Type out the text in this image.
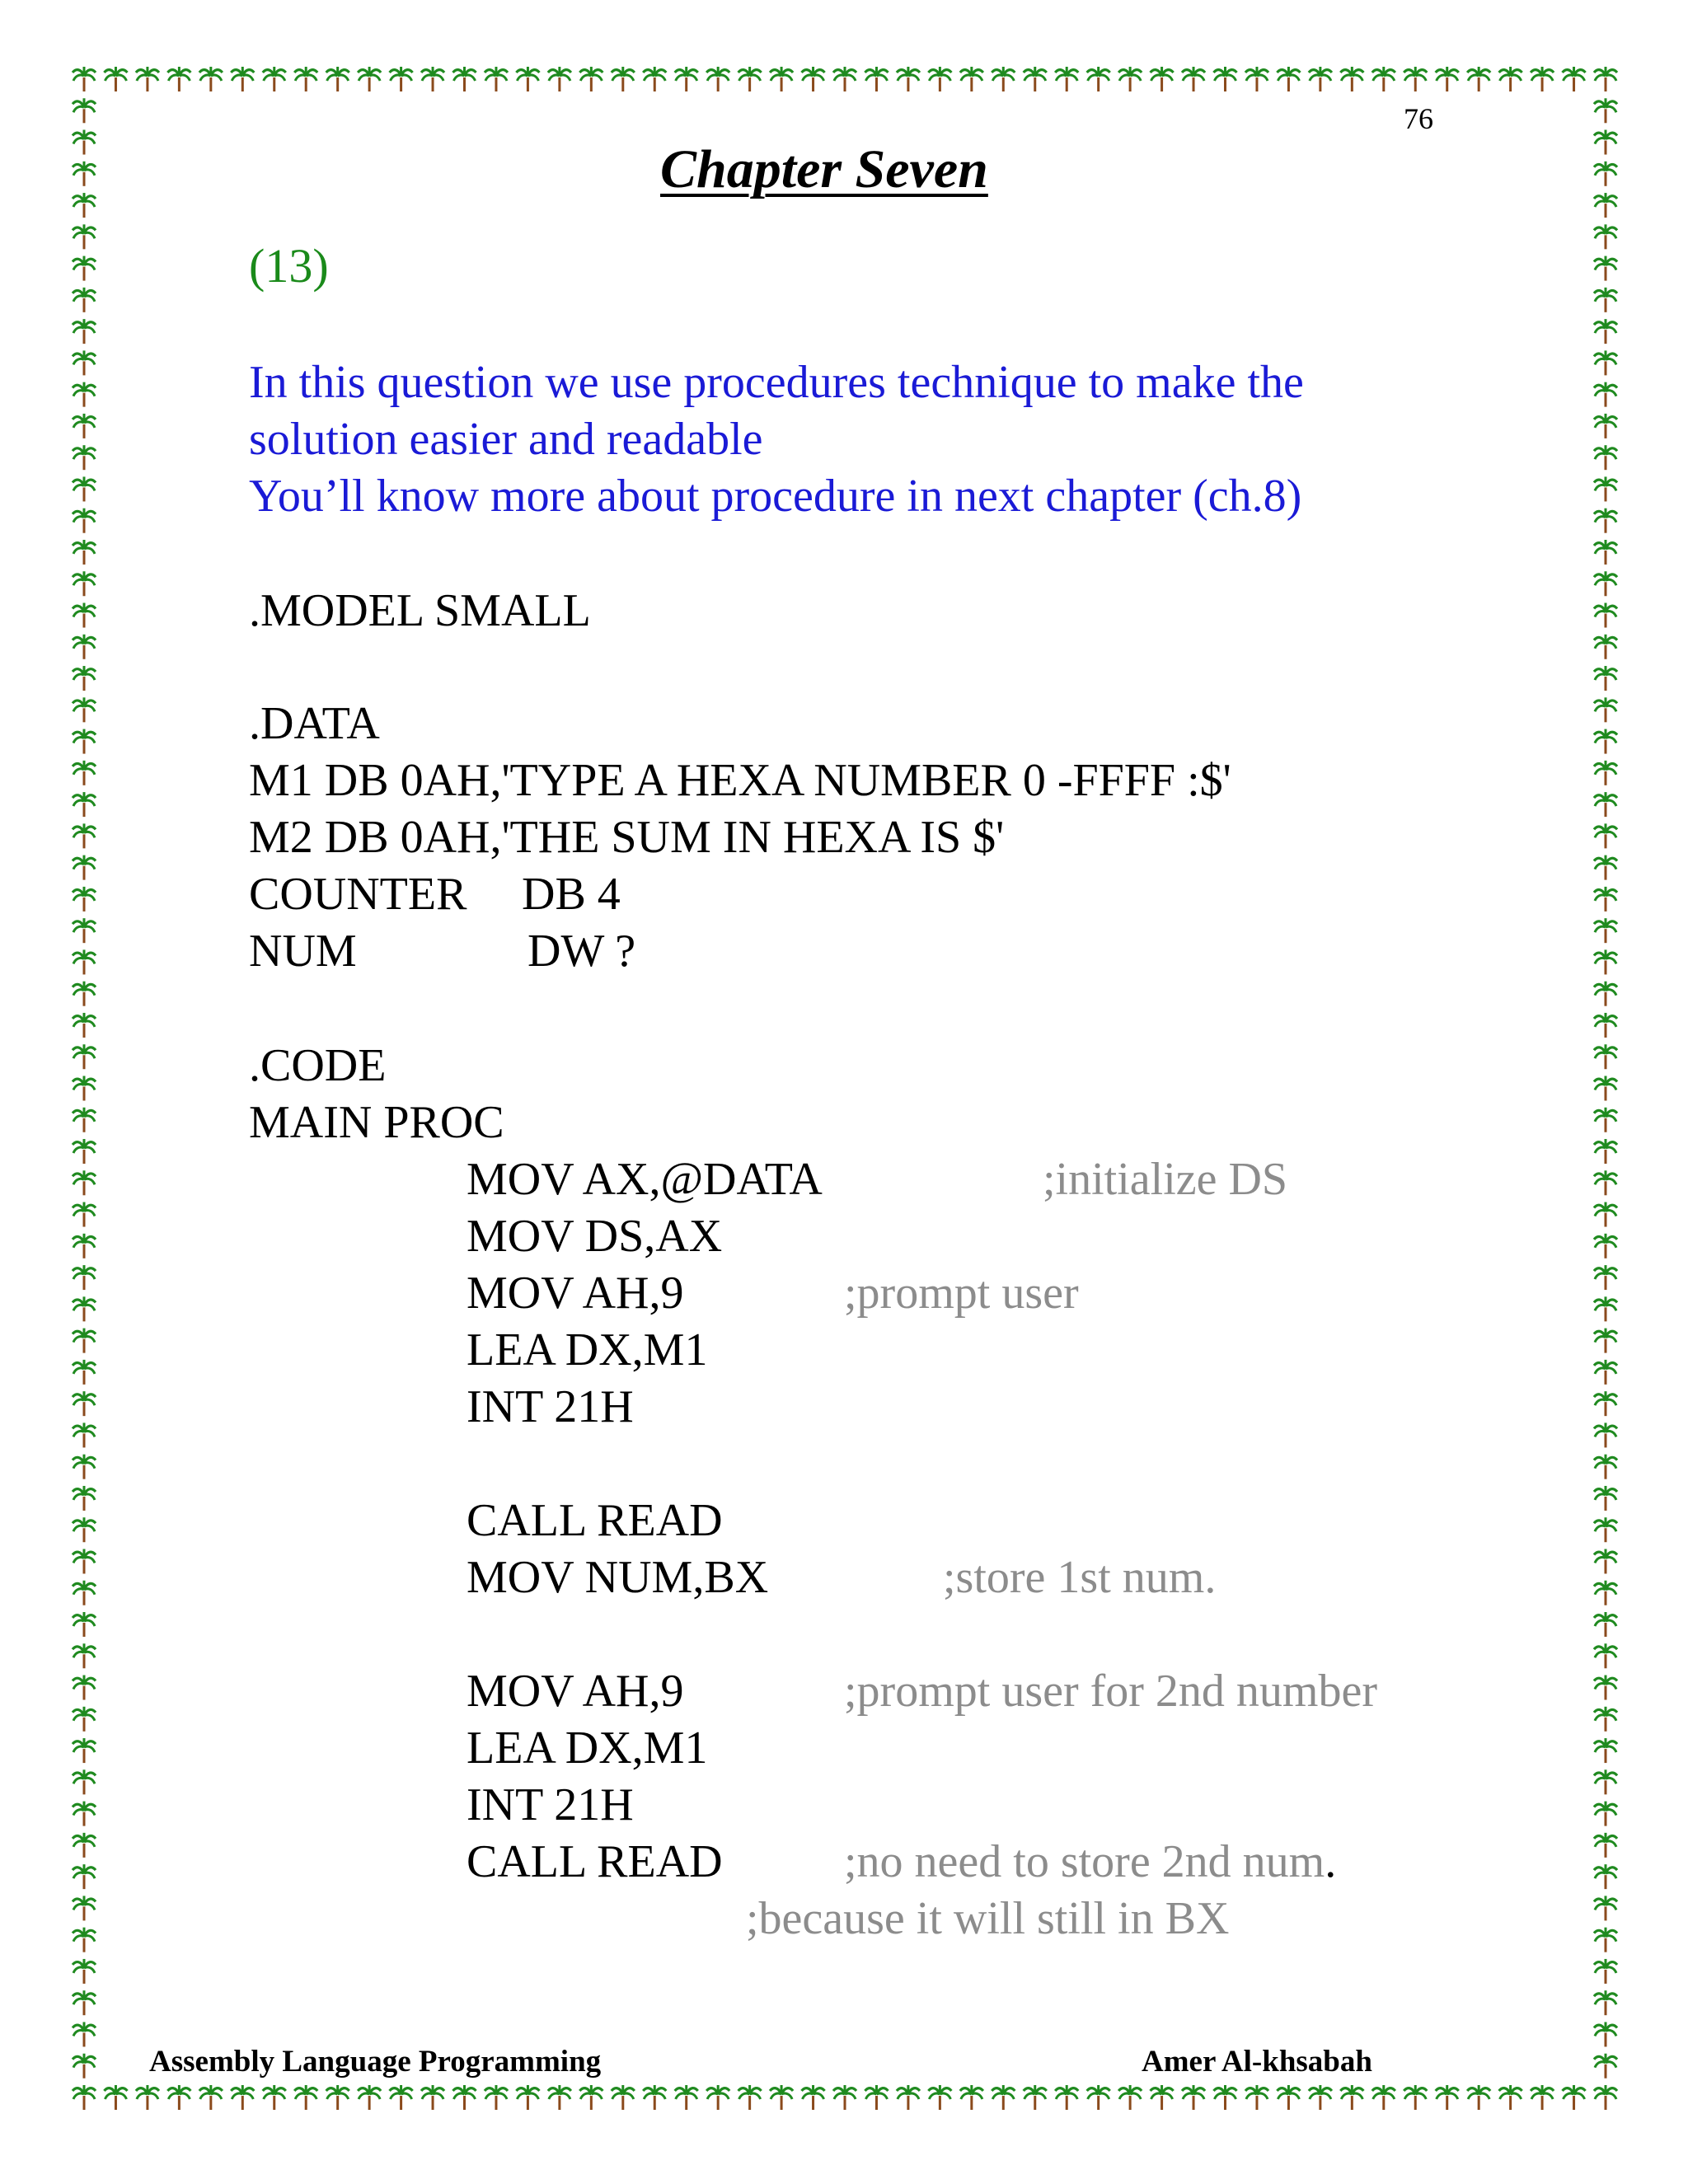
76
Chapter Seven
(13)
In this question we use procedures technique to make the
solution easier and readable
You’ll know more about procedure in next chapter (ch.8)
.MODEL SMALL
.DATA
M1 DB 0AH,'TYPE A HEXA NUMBER 0 -FFFF :$'
M2 DB 0AH,'THE SUM IN HEXA IS $'
COUNTER DB 4
NUM	DW ?
.CODE
MAIN PROC
MOV AX,@DATA	;initialize DS
MOV DS,AX
MOV AH,9	;prompt user
LEA DX,M1
INT 21H
CALL READ
MOV NUM,BX	;store 1st num.
MOV AH,9	;prompt user for 2nd number
LEA DX,M1
INT 21H
CALL READ	;no need to store 2nd num.
;because it will still in BX
Assembly Language Programming	Amer Al-khsabah
